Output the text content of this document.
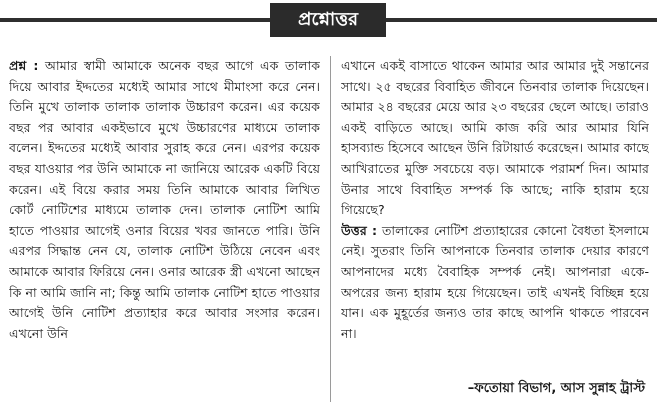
প্রশ্নোত্তর

প্রশ্ন : আমার স্বামী আমাকে অনেক বছর আগে এক তালাক দিয়ে আবার ইদ্দতের মধ্যেই আমার সাথে মীমাংসা করে নেন। তিনি মুখে তালাক তালাক তালাক উচ্চারণ করেন। এর কয়েক বছর পর আবার একইভাবে মুখে উচ্চারণের মাধ্যমে তালাক বলেন। ইদ্দতের মধ্যেই আবার সুরাহ করে নেন। এরপর কয়েক বছর যাওয়ার পর উনি আমাকে না জানিয়ে আরেক একটি বিয়ে করেন। এই বিয়ে করার সময় তিনি আমাকে আবার লিখিত কোর্ট নোটিশের মাধ্যমে তালাক দেন। তালাক নোটিশ আমি হাতে পাওয়ার আগেই ওনার বিয়ের খবর জানতে পারি। উনি এরপর সিদ্ধান্ত নেন যে, তালাক নোটিশ উঠিয়ে নেবেন এবং আমাকে আবার ফিরিয়ে নেন। ওনার আরেক স্ত্রী এখনো আছেন কি না আমি জানি না; কিন্তু আমি তালাক নোটিশ হাতে পাওয়ার আগেই উনি নোটিশ প্রত্যাহার করে আবার সংসার করেন। এখনো উনি

এখানে একই বাসাতে থাকেন আমার আর আমার দুই সন্তানের সাথে। ২৫ বছরের বিবাহিত জীবনে তিনবার তালাক দিয়েছেন। আমার ২৪ বছরের মেয়ে আর ২৩ বছরের ছেলে আছে। তারাও একই বাড়িতে আছে। আমি কাজ করি আর আমার যিনি হাসব্যান্ড হিসেবে আছেন উনি রিটায়ার্ড করেছেন। আমার কাছে আখিরাতের মুক্তি সবচেয়ে বড়। আমাকে পরামর্শ দিন। আমার উনার সাথে বিবাহিত সম্পর্ক কি আছে; নাকি হারাম হয়ে গিয়েছে?

উত্তর : তালাকের নোটিশ প্রত্যাহারের কোনো বৈধতা ইসলামে নেই। সুতরাং তিনি আপনাকে তিনবার তালাক দেয়ার কারণে আপনাদের মধ্যে বৈবাহিক সম্পর্ক নেই। আপনারা একে-অপরের জন্য হারাম হয়ে গিয়েছেন। তাই এখনই বিচ্ছিন্ন হয়ে যান। এক মুহূর্তের জন্যও তার কাছে আপনি থাকতে পারবেন না।

–ফতোয়া বিভাগ, আস সুন্নাহ ট্রাস্ট
